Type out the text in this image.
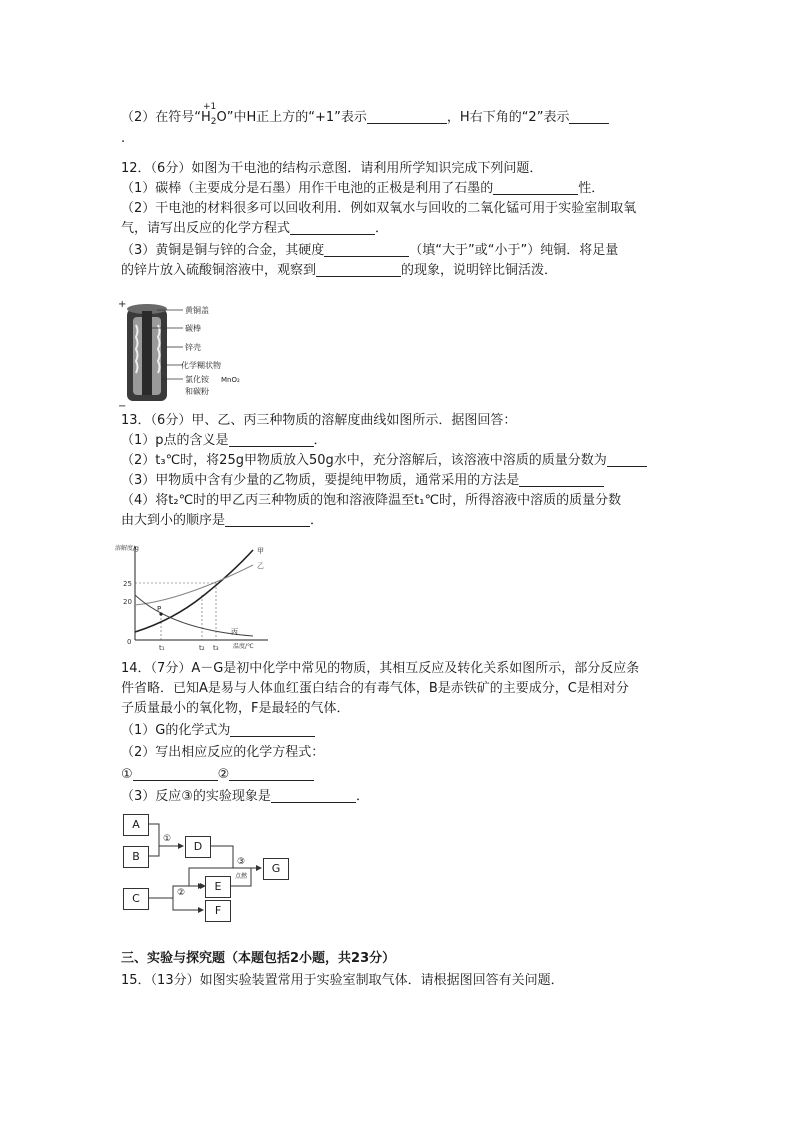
（2）在符号“
+1
$H_2O$”中H正上方的“+1”表示	，H右下角的“2”表示
.
12．（6分）如图为干电池的结构示意图．请利用所学知识完成下列问题．
（1）碳棒（主要成分是石墨）用作干电池的正极是利用了石墨的	性．
（2）干电池的材料很多可以回收利用．例如双氧水与回收的二氧化锰可用于实验室制取氧
气，请写出反应的化学方程式	．
（3）黄铜是铜与锌的合金，其硬度	（填“大于”或“小于”）纯铜．将足量
的锌片放入硫酸铜溶液中，观察到	的现象，说明锌比铜活泼．
+
−
黄铜盖
碳棒
锌壳
化学糊状物
氯化铵 MnO₂
和碳粉
13．（6分）甲、乙、丙三种物质的溶解度曲线如图所示．据图回答：
（1）p点的含义是	．
（2）t₃℃时，将25g甲物质放入50g水中，充分溶解后，该溶液中溶质的质量分数为
（3）甲物质中含有少量的乙物质，要提纯甲物质，通常采用的方法是
（4）将t₂℃时的甲乙丙三种物质的饱和溶液降温至t₁℃时，所得溶液中溶质的质量分数
由大到小的顺序是	．
溶解度/g
温度/℃
25
20
0
t₁	t₂ t₃
P
甲
乙
丙
14．（7分）A－G是初中化学中常见的物质，其相互反应及转化关系如图所示，部分反应条
件省略．已知A是易与人体血红蛋白结合的有毒气体，B是赤铁矿的主要成分，C是相对分
子质量最小的氧化物，F是最轻的气体．
（1）G的化学式为
（2）写出相应反应的化学方程式：
①	②
（3）反应③的实验现象是	．
①
②
③
点燃
A
B
D
C
E
F
G
三、实验与探究题（本题包括2小题，共23分）
15．（13分）如图实验装置常用于实验室制取气体．请根据图回答有关问题．
